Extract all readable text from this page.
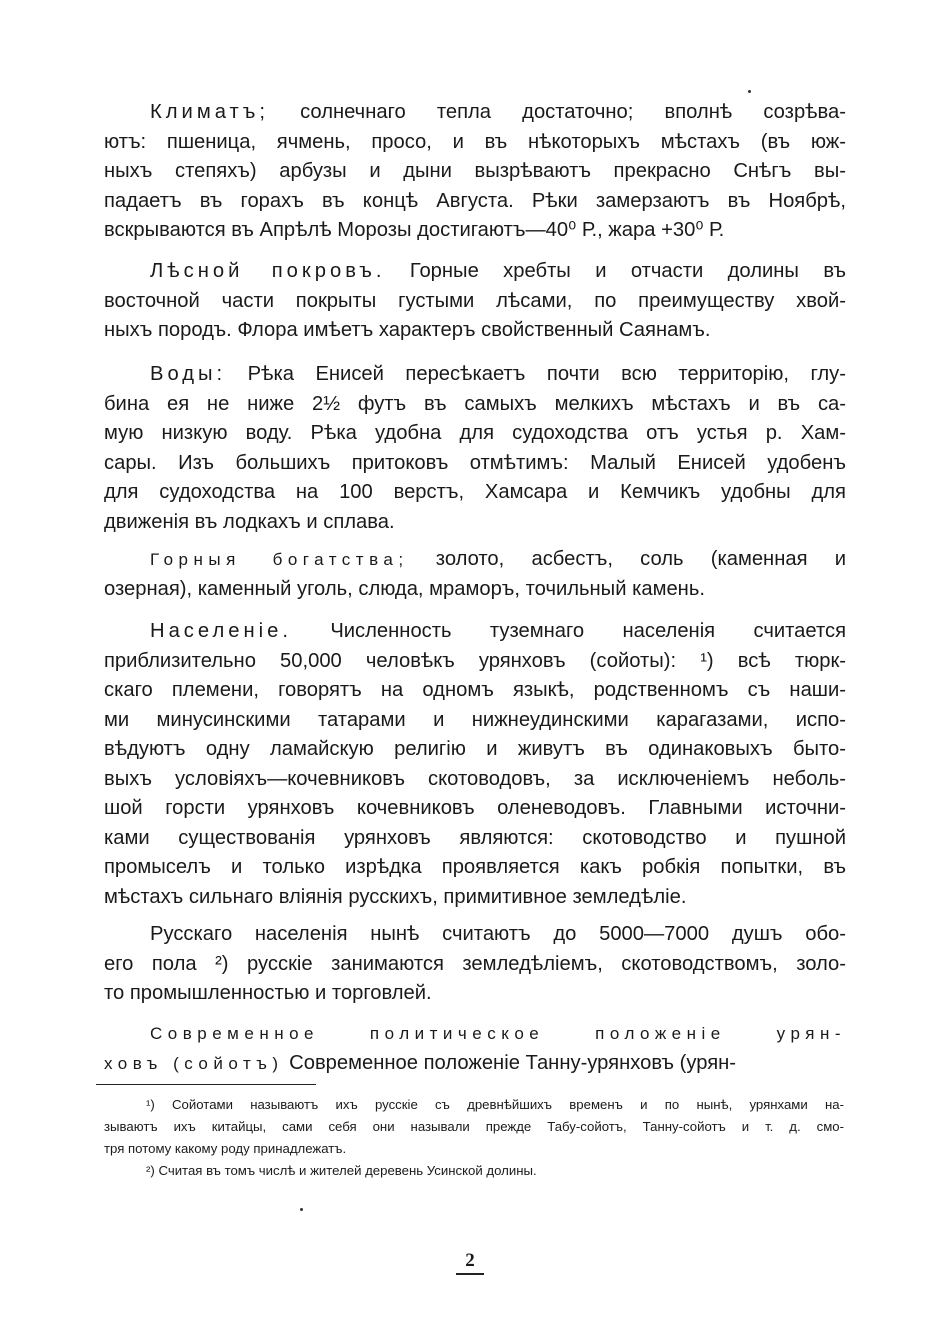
Климатъ; солнечнаго тепла достаточно; вполнѣ созрѣва-
ютъ: пшеница, ячмень, просо, и въ нѣкоторыхъ мѣстахъ (въ юж-
ныхъ степяхъ) арбузы и дыни вызрѣваютъ прекрасно Снѣгъ вы-
падаетъ въ горахъ въ концѣ Августа. Рѣки замерзаютъ въ Ноябрѣ,
вскрываются въ Апрѣлѣ Морозы достигаютъ—40⁰ Р., жара +30⁰ Р.

Лѣсной покровъ. Горные хребты и отчасти долины въ
восточной части покрыты густыми лѣсами, по преимуществу хвой-
ныхъ породъ. Флора имѣетъ характеръ свойственный Саянамъ.

Воды: Рѣка Енисей пересѣкаетъ почти всю территорію, глу-
бина ея не ниже 2½ футъ въ самыхъ мелкихъ мѣстахъ и въ са-
мую низкую воду. Рѣка удобна для судоходства отъ устья р. Хам-
сары. Изъ большихъ притоковъ отмѣтимъ: Малый Енисей удобенъ
для судоходства на 100 верстъ, Хамсара и Кемчикъ удобны для
движенія въ лодкахъ и сплава.

Горныя богатства; золото, асбестъ, соль (каменная и
озерная), каменный уголь, слюда, мраморъ, точильный камень.

Населеніе. Численность туземнаго населенія считается
приблизительно 50,000 человѣкъ урянховъ (сойоты): ¹) всѣ тюрк-
скаго племени, говорятъ на одномъ языкѣ, родственномъ съ наши-
ми минусинскими татарами и нижнеудинскими карагазами, испо-
вѣдуютъ одну ламайскую религію и живутъ въ одинаковыхъ быто-
выхъ условіяхъ—кочевниковъ скотоводовъ, за исключеніемъ неболь-
шой горсти урянховъ кочевниковъ оленеводовъ. Главными источни-
ками существованія урянховъ являются: скотоводство и пушной
промыселъ и только изрѣдка проявляется какъ робкія попытки, въ
мѣстахъ сильнаго вліянія русскихъ, примитивное земледѣліе.

Русскаго населенія нынѣ считаютъ до 5000—7000 душъ обо-
его пола ²) русскіе занимаются земледѣліемъ, скотоводствомъ, золо-
то промышленностью и торговлей.

Современное политическое положеніе урян-
ховъ (сойотъ) Современное положеніе Танну-урянховъ (урян-

¹) Сойотами называютъ ихъ русскіе съ древнѣйшихъ временъ и по нынѣ, урянхами на-
зываютъ ихъ китайцы, сами себя они называли прежде Табу-сойотъ, Танну-сойотъ и т. д. смо-
тря потому какому роду принадлежатъ.

²) Считая въ томъ числѣ и жителей деревень Усинской долины.

2
